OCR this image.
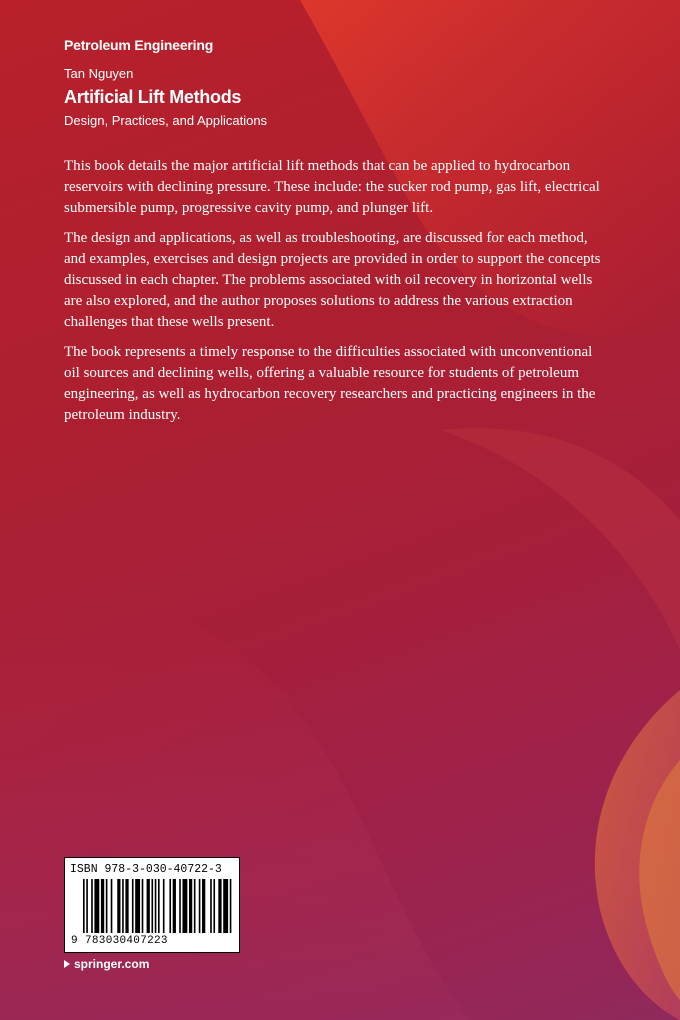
Petroleum Engineering
Tan Nguyen
Artificial Lift Methods
Design, Practices, and Applications

This book details the major artificial lift methods that can be applied to hydrocarbon reservoirs with declining pressure. These include: the sucker rod pump, gas lift, electrical submersible pump, progressive cavity pump, and plunger lift.

The design and applications, as well as troubleshooting, are discussed for each method, and examples, exercises and design projects are provided in order to support the concepts discussed in each chapter. The problems associated with oil recovery in horizontal wells are also explored, and the author proposes solutions to address the various extraction challenges that these wells present.

The book represents a timely response to the difficulties associated with unconventional oil sources and declining wells, offering a valuable resource for students of petroleum engineering, as well as hydrocarbon recovery researchers and practicing engineers in the petroleum industry.

ISBN 978-3-030-40722-3
9 783030407223
springer.com
